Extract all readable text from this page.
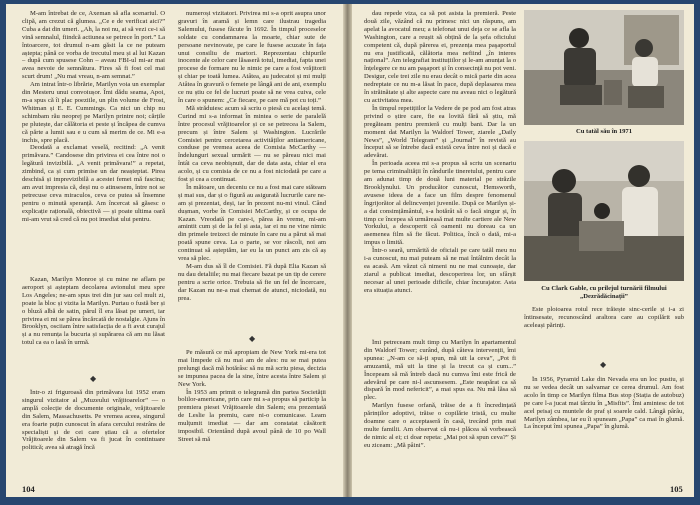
M-am întrebat de ce, Axeman să afla scenariul. O clipă, am crezut că glumea. „Ce e de verificat aici?” Cuba a dat din umeri. „Ah, la noi nu, ai să vezi ce-i să vină semnalul, fiindcă actiunea se petrece în port.” La întoarcere, tot drumul n-am găsit la ce ne puteam aștepta; până ce vorba de trecutul meu și al lui Kazan – după cum spusese Cohn – aveau FBI-ul mi-ar mai avea nevoie de semnătura. Fires să fi fost cel mai scurt drum! „Nu mai vreau, n-am semnat.”

Am intrat într-o librărie, Marilyn voia un exemplar din Mesteru unui convoiușor. Îmi dădu seama, Apoi, m-a spus că îi plac poeziile, un plin volume de Frost, Whitman și E. E. Cummings. Ca nici un chip nu schimbam rău neoprej pe Marilyn printre noi; cărțile pe plutește, dar călătoria ei peste și încăpea de cumva că părte a lumii sau e u cum să merim de ce. Mi e-a inchis, spre placă.

Deodată a exclamat veselă, recitind: „A venit primăvara.” Candosese din privirea ei cea între noi o legătură invizibilă. „A venit primăvara!” a repetat, zimbind, ca și cum primise un dar neașteptat. Pirea deschisă și imprevizibilă a acestei femei mă fascina; am avut impresia că, deși nu o atinsesem, între noi se petrecuse ceva miraculos, ceva ce putea să însemne pentru o minută speranță. Am încercat să găsesc o explicație rațională, obiectivă — și poate ultima oară mi-am vrut să cred că nu pot imediat ului pentru.

Kazan, Marilyn Monroe și cu mine ne aflam pe aeroport și așteptam decolarea avionului meu spre Los Angeles; ne-am spus trei din jur sau cel mult zi, poate la bloc și vizita la Marilyn. Purtau o fustă ber și o bluză albă de satin, părul îl era lăsat pe umeri, iar privirea ei mi se părea încărcată de nostalgie. Ajuns în Brooklyn, osciiam între satisfacția de a fi avut curajul și a nu renunța la bucuria și supărarea că am nu lăsat totul ca ea o lasă în urmă.

◆

Într-o zi friguroasă din primăvara lui 1952 eram singurul vizitator al „Muzeului vrăjitoarelor” — o amplă colecție de documente originale, vrăjitoarele din Salem, Massachusetts. Pe vremea aceea, singurul era foarte puțin cunoscut în afara cercului restrâns de specialiști și de cei care știau că a ofertelor Vrăjitoarele din Salem va fi jucat în contintuare politică; avea să atragă încă

104

numeroși vizitatori. Privirea mi s-a oprit asupra unor gravuri în aramă și lemn care ilustrau tragedia Salemului, fusese făcute în 1692. În timpul proceselor soldate cu condamnarea la moarte, chiar sute de persoane nevinovate, pe care le fusese acuzate în fața unui consiliu de martori. Reprezentau chipurile inocente ale celor care lăsaseră totul, imediat, fapta unei procese de formare nu le nimic pe care a fost vrăjitorii și chiar pe toată lumea. Atâtea, au judecatoi și mi mulți Atâtea în gravură o femeie pe lângă ani de ani, exemplu ce nu știu ce fel de lucruri poate să ne vrea cuiva, cele în care o spunem: „Ce fiecare, pe care mă pot cu toți.”

Mă străduiesc acum să scriu o piesă cu același temă. Curind mi s-a informat în mintea o serie de paralelă între procesul vrăjitoarelor și ce se petrecea la Salem, precum și între Salem și Washington. Lucrările Comisiei pentru cercetarea activităților antiamericane, conduse pe vremea aceea de Comisia McCarthy — îndelunguri sexual urmărit — nu se păreau nici mai întâi ca ceva neobișnuit, dar de data asta, chiar el era acolo, și cu comisia de ce nu a fost niciodată pe care a fost și cea a continuat.

În mătoare, un deceniu ce nu a fost mai care stăteam și mai sus, dar și o figură au asigurată lucrurile care ne-am și prezentat, deși, iar în prezent nu-mi vinul. Când dușman, vorbe în Comisiei McCarthy, și ce ocupa de Kazan. Vreodată pe care-i, părea ăn vreme, mi-am amintit cum și de la fel și asta, iar ei nu ne vine nimic din primele treizeci de minute în care nu a părut să mai poată spune ceva. La o parte, se vor răscoli, noi am continuat să așteptăm, iar eu la un punct am zis că aș vrea să plec.

M-am dus să îl de Comisiei. Fă după Elia Kazan să nu dau detaliile; nu mai fiecare bazat pe un tip de cerere pentru a scrie orice. Trebuia să fie un fel de încercare, dar Kazan nu ne-a mai chemat de atunci, niciodată, nu prea.

◆

Pe măsură ce mă apropiam de New York mi-era tot mai limpede că nu mai am de ales: nu se mai putea prelungi dacă mă hotărâsc să nu mă scriu piesa, decizia se impunea pacea de la sine, între acesta între Salem și New York.

În 1953 am primit o telegramă din partea Societății bolilor-americane, prin care mi s-a propus să particip la premiera piesei Vrăjitoarele din Salem; era prezentată de Leslie la premiu, care ni-o comunicase. Leam mulțumit imediat — dar am constatat căsătorit imposibil. Orientând după avoul până de 10 po Wall Street să mă

dau repede viza, ca să pot asista la premieră. Peste două zile, văzând că nu primesc nici un răspuns, am apelat la avocatul meu; a telefonat unui deja ce se afla la Washington, care a reușit să obțină de la șefa oficiului competent că, după părerea ei, prezența mea paşaportul nu era justificată, călătoria mea nefiind „în interes național”. Am telegrafiat instituțiilor și le-am anunțat la o înțelegere ce nu am paşaport și în consecință nu pot veni. Desigur, cele trei zile nu erau decât o mică parte din acea nedreptate ce nu m-a lăsat în pace, după deplasarea mea în străinătate și alte aspecte care nu aveau nici o legătură cu activitatea mea.

În timpul repetițiilor la Vedere de pe pod am fost atras privind o știre care, fie ea lovită fără să știu, mă pregăteam pentru premieră cu mulți bani. Dar la un moment dat Marilyn la Waldorf Tower, ziarele „Daily News”, „World Telegram” și „Journal” în revistă au început să se întrebe dacă există ceva între noi și dacă e adevărat.

În perioada aceea mi s-a propus să scriu un scenariu pe tema criminalității în rândurile tineretului, pentru care am adunat timp de două luni material pe străzile Brooklynului. Un producător cunoscut, Hemsworth, avusese ideea de a face un film despre fenomenul îngrijorător al delincvenței juvenile. După ce Marilyn și-a dat consimțământul, s-a hotărât să o facă singur și, în timp ce începea să urmăreasă mai multe cartiere ale New Yorkului, a descoperit că oamenii nu doreau ca un asemenea film să fie făcut. Politica, încă o dată, mi-a impus o limită.

Într-o seară, urmărită de oficiali pe care tatăl meu nu i-a cunoscut, nu mai puteam să ne mai întâlnim decât la ea acasă. Am văzut că nimeni nu ne mai cunoaște, dar ziarul a publicat imediat, descoperirea lor, un sfârșit necesar al unei perioade dificile, chiar încurajator. Asta era situația atunci.

Îmi petreceam mult timp cu Marilyn în apartamentul din Waldorf Tower; curând, după câteva intervenții, îmi spunea: „N-am ce să-ți spun, mă uit la ceva”, „Pot fi amuzantă, mă uit la tine și la trecut ca și cum...” Începeam să mă întreb dacă nu cumva îmi este frică de adevărul pe care ni-l ascunsesem. „Este neapărat ca să dispară în mod nefericit”, a mai spus ea. Nu mă lăsa să plec.

Marilyn fusese orfană, trăise de a fi încredințată părinților adoptivi, trăise o copilărie tristă, cu multe doamne care o acceptaseră în casă, trecând prin mai multe familii. Am observat că nu-i plăcea să vorbească de nimic al ei; ci doar repeta: „Mai pot să spun ceva?” Și eu ziceam: „Mă pâini”.

Cu tatăl său în 1971
Cu Clark Gable, cu prilejul turnării filmului „Dezrădăcinații”

Este ploioarea roiul rece trăiește sinc-cerile și i-a zi întinsesate, recunoscând araltora care au copilărit sub aceleași părinți.

◆

În 1956, Pyramid Lake din Nevada era un loc pustiu, și nu se vedea decât un salvamar ce cerea drumul. Am fost acolo în timp ce Marilyn filma Bus stop (Stația de autobuz) pe care l-a jucat mai târziu în „Misfits”. Îmi amintesc de tot acel peisaj cu muntele de praf și soarele cald. Lângă pârâu, Marilyn zâmbea, iar eu îi spuneam „Papa” ca mai în glumă. La început îmi spunea „Papa” în glumă.

105
